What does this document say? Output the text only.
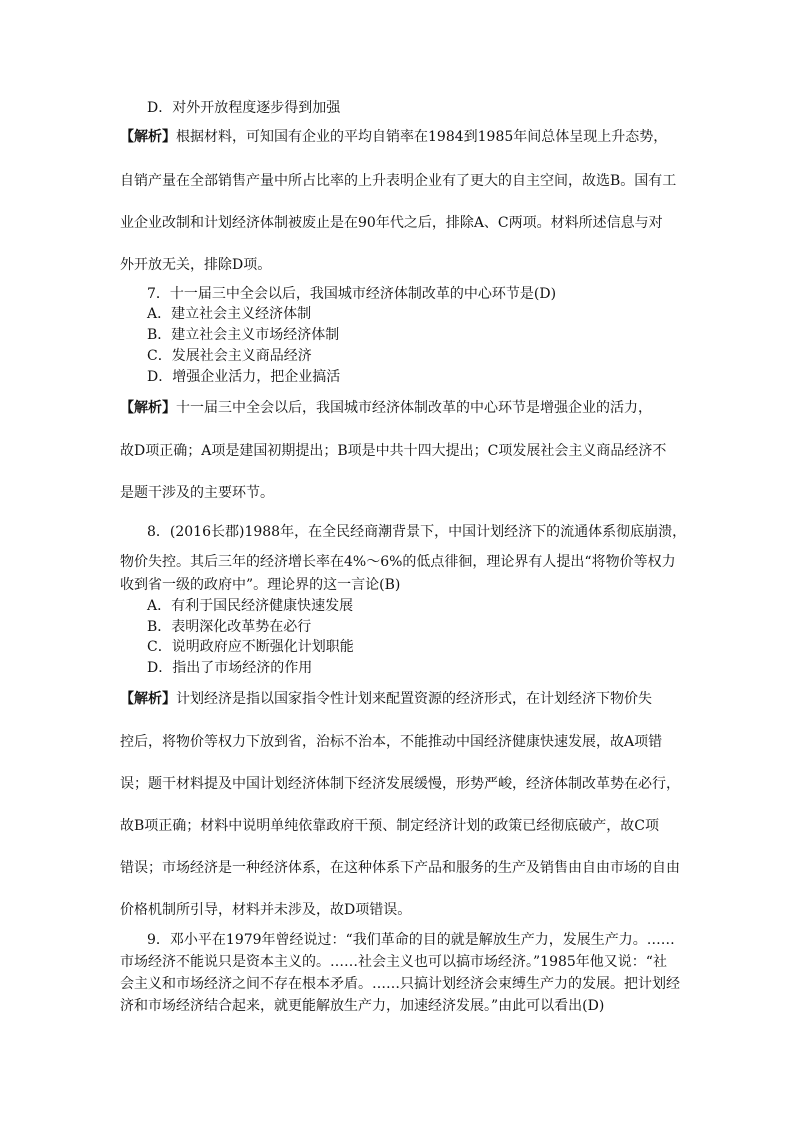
D．对外开放程度逐步得到加强
【解析】根据材料，可知国有企业的平均自销率在1984到1985年间总体呈现上升态势，
自销产量在全部销售产量中所占比率的上升表明企业有了更大的自主空间，故选B。国有工
业企业改制和计划经济体制被废止是在90年代之后，排除A、C两项。材料所述信息与对
外开放无关，排除D项。
7．十一届三中全会以后，我国城市经济体制改革的中心环节是(D)
A．建立社会主义经济体制
B．建立社会主义市场经济体制
C．发展社会主义商品经济
D．增强企业活力，把企业搞活
【解析】十一届三中全会以后，我国城市经济体制改革的中心环节是增强企业的活力，
故D项正确；A项是建国初期提出；B项是中共十四大提出；C项发展社会主义商品经济不
是题干涉及的主要环节。
8．(2016长郡)1988年，在全民经商潮背景下，中国计划经济下的流通体系彻底崩溃，
物价失控。其后三年的经济增长率在4%～6%的低点徘徊，理论界有人提出“将物价等权力
收到省一级的政府中”。理论界的这一言论(B)
A．有利于国民经济健康快速发展
B．表明深化改革势在必行
C．说明政府应不断强化计划职能
D．指出了市场经济的作用
【解析】计划经济是指以国家指令性计划来配置资源的经济形式，在计划经济下物价失
控后，将物价等权力下放到省，治标不治本，不能推动中国经济健康快速发展，故A项错
误；题干材料提及中国计划经济体制下经济发展缓慢，形势严峻，经济体制改革势在必行，
故B项正确；材料中说明单纯依靠政府干预、制定经济计划的政策已经彻底破产，故C项
错误；市场经济是一种经济体系，在这种体系下产品和服务的生产及销售由自由市场的自由
价格机制所引导，材料并未涉及，故D项错误。
9．邓小平在1979年曾经说过：“我们革命的目的就是解放生产力，发展生产力。……
市场经济不能说只是资本主义的。……社会主义也可以搞市场经济。”1985年他又说：“社
会主义和市场经济之间不存在根本矛盾。……只搞计划经济会束缚生产力的发展。把计划经
济和市场经济结合起来，就更能解放生产力，加速经济发展。”由此可以看出(D)
